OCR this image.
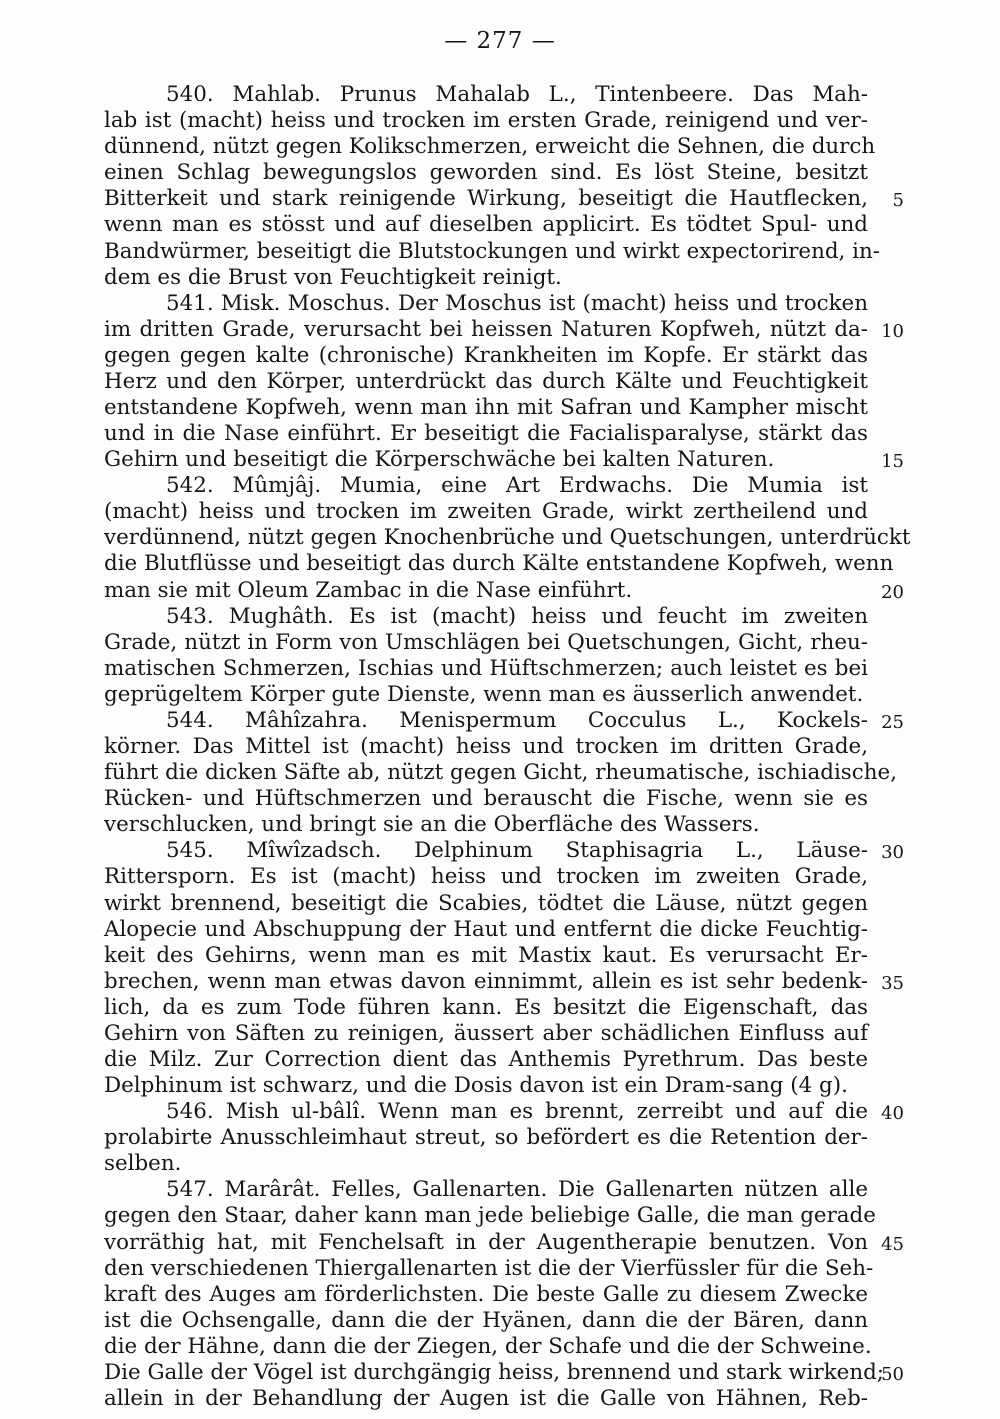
— 277 —
540. Mahlab. Prunus Mahalab L., Tintenbeere. Das Mah-
lab ist (macht) heiss und trocken im ersten Grade, reinigend und ver-
dünnend, nützt gegen Kolikschmerzen, erweicht die Sehnen, die durch
einen Schlag bewegungslos geworden sind. Es löst Steine, besitzt
Bitterkeit und stark reinigende Wirkung, beseitigt die Hautflecken,
wenn man es stösst und auf dieselben applicirt. Es tödtet Spul- und
Bandwürmer, beseitigt die Blutstockungen und wirkt expectorirend, in-
dem es die Brust von Feuchtigkeit reinigt.
541. Misk. Moschus. Der Moschus ist (macht) heiss und trocken
im dritten Grade, verursacht bei heissen Naturen Kopfweh, nützt da-
gegen gegen kalte (chronische) Krankheiten im Kopfe. Er stärkt das
Herz und den Körper, unterdrückt das durch Kälte und Feuchtigkeit
entstandene Kopfweh, wenn man ihn mit Safran und Kampher mischt
und in die Nase einführt. Er beseitigt die Facialisparalyse, stärkt das
Gehirn und beseitigt die Körperschwäche bei kalten Naturen.
542. Mûmjâj. Mumia, eine Art Erdwachs. Die Mumia ist
(macht) heiss und trocken im zweiten Grade, wirkt zertheilend und
verdünnend, nützt gegen Knochenbrüche und Quetschungen, unterdrückt
die Blutflüsse und beseitigt das durch Kälte entstandene Kopfweh, wenn
man sie mit Oleum Zambac in die Nase einführt.
543. Mughâth. Es ist (macht) heiss und feucht im zweiten
Grade, nützt in Form von Umschlägen bei Quetschungen, Gicht, rheu-
matischen Schmerzen, Ischias und Hüftschmerzen; auch leistet es bei
geprügeltem Körper gute Dienste, wenn man es äusserlich anwendet.
544. Mâhîzahra. Menispermum Cocculus L., Kockels-
körner. Das Mittel ist (macht) heiss und trocken im dritten Grade,
führt die dicken Säfte ab, nützt gegen Gicht, rheumatische, ischiadische,
Rücken- und Hüftschmerzen und berauscht die Fische, wenn sie es
verschlucken, und bringt sie an die Oberfläche des Wassers.
545. Mîwîzadsch. Delphinum Staphisagria L., Läuse-
Rittersporn. Es ist (macht) heiss und trocken im zweiten Grade,
wirkt brennend, beseitigt die Scabies, tödtet die Läuse, nützt gegen
Alopecie und Abschuppung der Haut und entfernt die dicke Feuchtig-
keit des Gehirns, wenn man es mit Mastix kaut. Es verursacht Er-
brechen, wenn man etwas davon einnimmt, allein es ist sehr bedenk-
lich, da es zum Tode führen kann. Es besitzt die Eigenschaft, das
Gehirn von Säften zu reinigen, äussert aber schädlichen Einfluss auf
die Milz. Zur Correction dient das Anthemis Pyrethrum. Das beste
Delphinum ist schwarz, und die Dosis davon ist ein Dram-sang (4 g).
546. Mish ul-bâlî. Wenn man es brennt, zerreibt und auf die
prolabirte Anusschleimhaut streut, so befördert es die Retention der-
selben.
547. Marârât. Felles, Gallenarten. Die Gallenarten nützen alle
gegen den Staar, daher kann man jede beliebige Galle, die man gerade
vorräthig hat, mit Fenchelsaft in der Augentherapie benutzen. Von
den verschiedenen Thiergallenarten ist die der Vierfüssler für die Seh-
kraft des Auges am förderlichsten. Die beste Galle zu diesem Zwecke
ist die Ochsengalle, dann die der Hyänen, dann die der Bären, dann
die der Hähne, dann die der Ziegen, der Schafe und die der Schweine.
Die Galle der Vögel ist durchgängig heiss, brennend und stark wirkend;
allein in der Behandlung der Augen ist die Galle von Hähnen, Reb-
5
10
15
20
25
30
35
40
45
50
